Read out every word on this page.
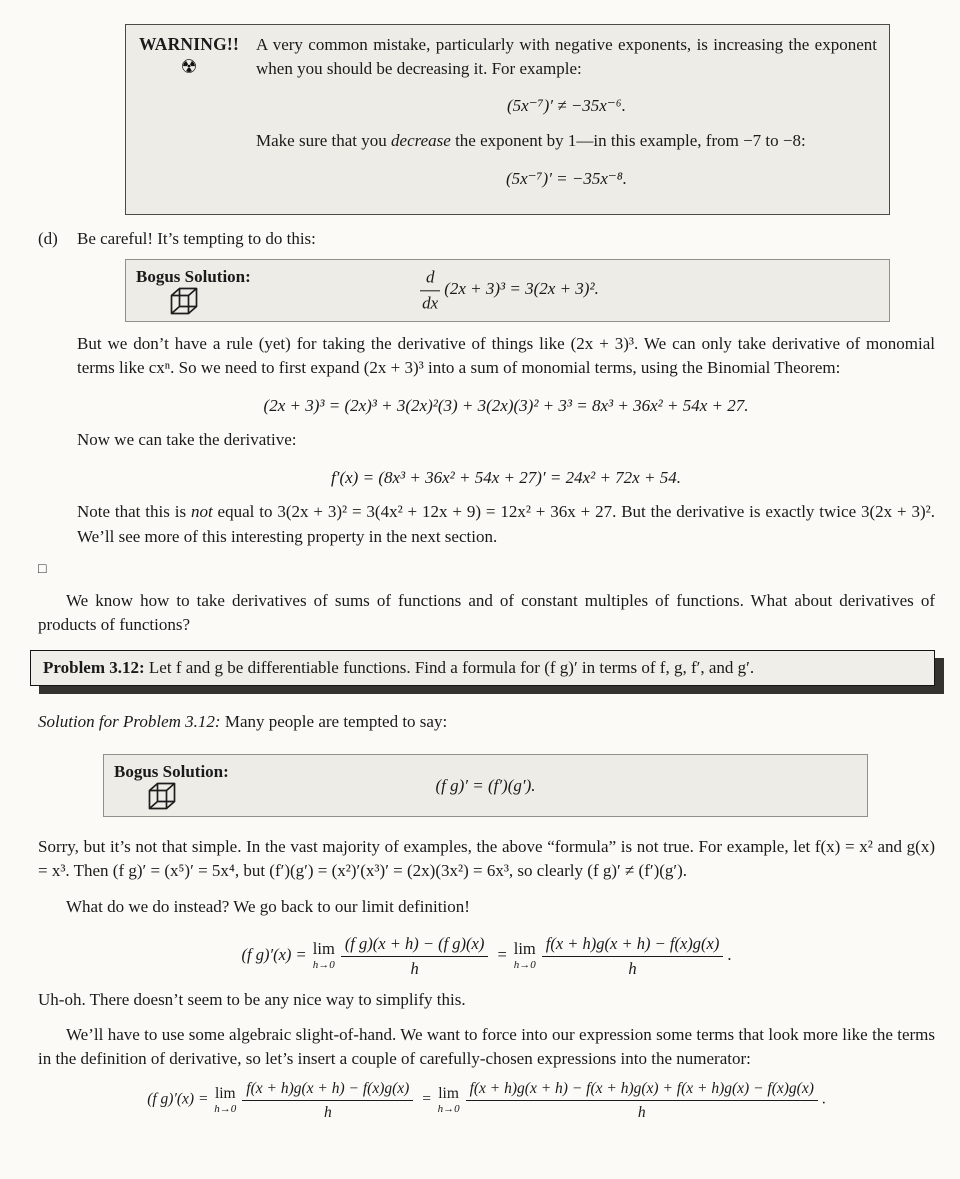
WARNING!!
☢

A very common mistake, particularly with negative exponents, is increasing the exponent when you should be decreasing it. For example:

(5x⁻⁷)′ ≠ −35x⁻⁶.

Make sure that you decrease the exponent by 1—in this example, from −7 to −8:

(5x⁻⁷)′ = −35x⁻⁸.
(d)	Be careful! It’s tempting to do this:
Bogus Solution:	$\frac{d}{dx} (2x + 3)^3 = 3(2x + 3)^2$.

But we don’t have a rule (yet) for taking the derivative of things like (2x + 3)³. We can only take derivative of monomial terms like cxⁿ. So we need to first expand (2x + 3)³ into a sum of monomial terms, using the Binomial Theorem:

(2x + 3)³ = (2x)³ + 3(2x)²(3) + 3(2x)(3)² + 3³ = 8x³ + 36x² + 54x + 27.

Now we can take the derivative:

f′(x) = (8x³ + 36x² + 54x + 27)′ = 24x² + 72x + 54.

Note that this is not equal to 3(2x + 3)² = 3(4x² + 12x + 9) = 12x² + 36x + 27. But the derivative is exactly twice 3(2x + 3)². We’ll see more of this interesting property in the next section.

□

We know how to take derivatives of sums of functions and of constant multiples of functions. What about derivatives of products of functions?

Problem 3.12: Let f and g be differentiable functions. Find a formula for (f g)′ in terms of f, g, f′, and g′.

Solution for Problem 3.12: Many people are tempted to say:

Bogus Solution:
(f g)′ = (f′)(g′).

Sorry, but it’s not that simple. In the vast majority of examples, the above “formula” is not true. For example, let f(x) = x² and g(x) = x³. Then (f g)′ = (x⁵)′ = 5x⁴, but (f′)(g′) = (x²)′(x³)′ = (2x)(3x²) = 6x³, so clearly (f g)′ ≠ (f′)(g′).

What do we do instead? We go back to our limit definition!

(f g)′(x) = lim
$h\to 0 \frac{\text{(f g)(x + h) − (f g)(x)}}{h} = \lim$
$h\to 0 \frac{f(x + h)g(x + h) - f(x)g(x)}{h}$ .

Uh-oh. There doesn’t seem to be any nice way to simplify this.

We’ll have to use some algebraic slight-of-hand. We want to force into our expression some terms that look more like the terms in the definition of derivative, so let’s insert a couple of carefully-chosen expressions into the numerator:

(f g)′(x) = lim
$h\to 0 \frac{f(x + h)g(x + h) - f(x)g(x)}{h} = \lim$
$h\to 0 \frac{f(x + h)g(x + h) - f(x + h)g(x) + f(x + h)g(x) - f(x)g(x)}{h}$ .
